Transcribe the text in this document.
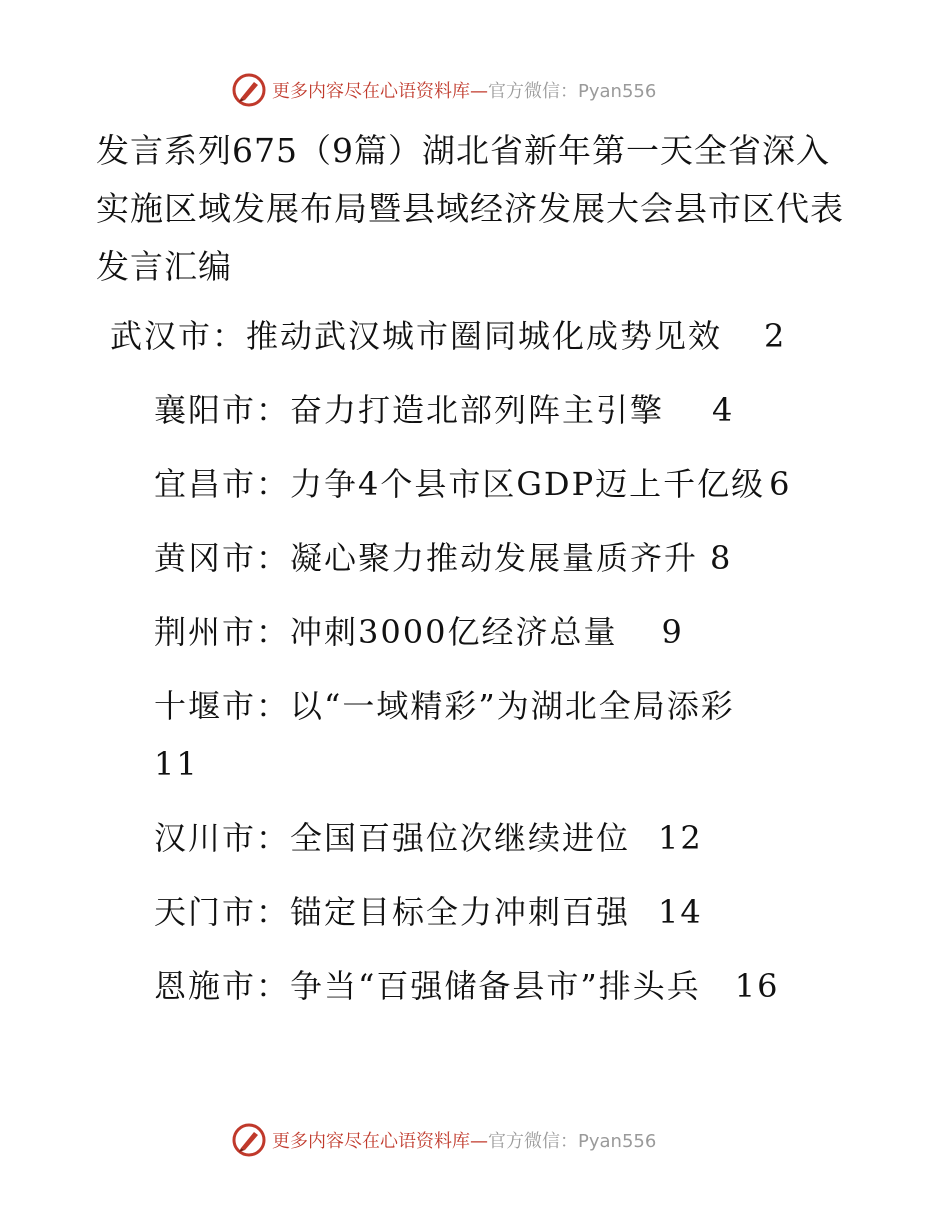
更多内容尽在心语资料库—官方微信：Pyan556
发言系列675（9篇）湖北省新年第一天全省深入实施区域发展布局暨县域经济发展大会县市区代表发言汇编
武汉市：推动武汉城市圈同城化成势见效 2
襄阳市：奋力打造北部列阵主引擎 4
宜昌市：力争4个县市区GDP迈上千亿级 6
黄冈市：凝心聚力推动发展量质齐升 8
荆州市：冲刺3000亿经济总量 9
十堰市：以“一域精彩”为湖北全局添彩
11
汉川市：全国百强位次继续进位 12
天门市：锚定目标全力冲刺百强 14
恩施市：争当“百强储备县市”排头兵 16
更多内容尽在心语资料库—官方微信：Pyan556
